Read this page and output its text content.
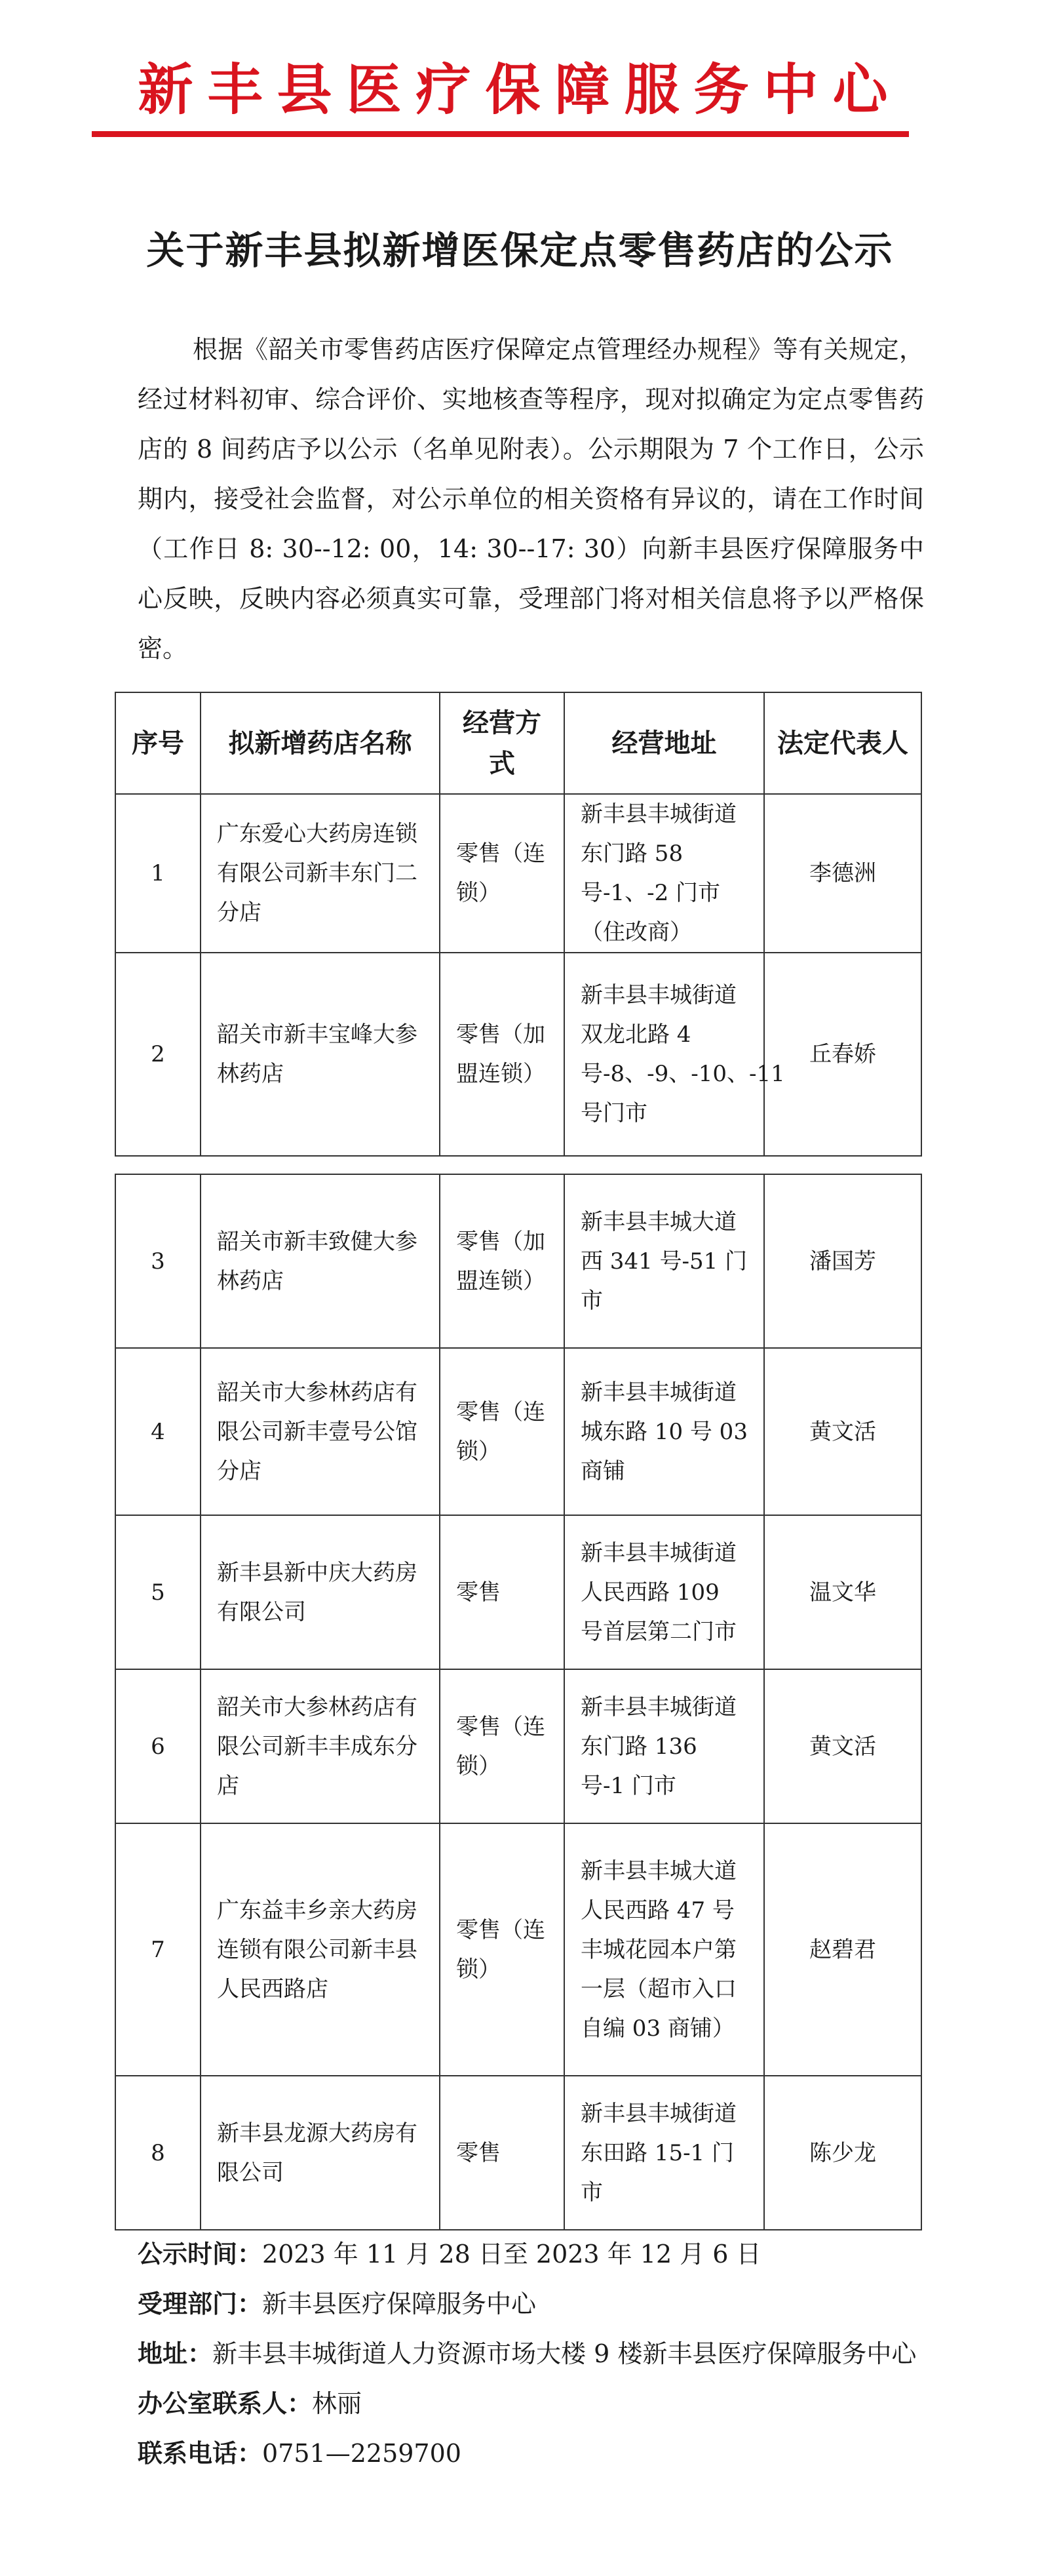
新丰县医疗保障服务中心
关于新丰县拟新增医保定点零售药店的公示

根据《韶关市零售药店医疗保障定点管理经办规程》等有关规定，经过材料初审、综合评价、实地核查等程序，现对拟确定为定点零售药店的 8 间药店予以公示（名单见附表）。公示期限为 7 个工作日，公示期内，接受社会监督，对公示单位的相关资格有异议的，请在工作时间（工作日 8: 30--12: 00，14: 30--17: 30）向新丰县医疗保障服务中心反映，反映内容必须真实可靠，受理部门将对相关信息将予以严格保密。

序号	拟新增药店名称	经营方式	经营地址	法定代表人
1	广东爱心大药房连锁有限公司新丰东门二分店	零售（连锁）	新丰县丰城街道东门路 58 号-1、-2 门市（住改商）	李德洲
2	韶关市新丰宝峰大参林药店	零售（加盟连锁）	新丰县丰城街道双龙北路 4 号-8、-9、-10、-11 号门市	丘春娇
3	韶关市新丰致健大参林药店	零售（加盟连锁）	新丰县丰城大道西 341 号-51 门市	潘国芳
4	韶关市大参林药店有限公司新丰壹号公馆分店	零售（连锁）	新丰县丰城街道城东路 10 号 03 商铺	黄文活
5	新丰县新中庆大药房有限公司	零售	新丰县丰城街道人民西路 109 号首层第二门市	温文华
6	韶关市大参林药店有限公司新丰丰成东分店	零售（连锁）	新丰县丰城街道东门路 136 号-1 门市	黄文活
7	广东益丰乡亲大药房连锁有限公司新丰县人民西路店	零售（连锁）	新丰县丰城大道人民西路 47 号丰城花园本户第一层（超市入口自编 03 商铺）	赵碧君
8	新丰县龙源大药房有限公司	零售	新丰县丰城街道东田路 15-1 门市	陈少龙

公示时间：2023 年 11 月 28 日至 2023 年 12 月 6 日

受理部门：新丰县医疗保障服务中心

地址：新丰县丰城街道人力资源市场大楼 9 楼新丰县医疗保障服务中心

办公室联系人：林丽

联系电话：0751—2259700
